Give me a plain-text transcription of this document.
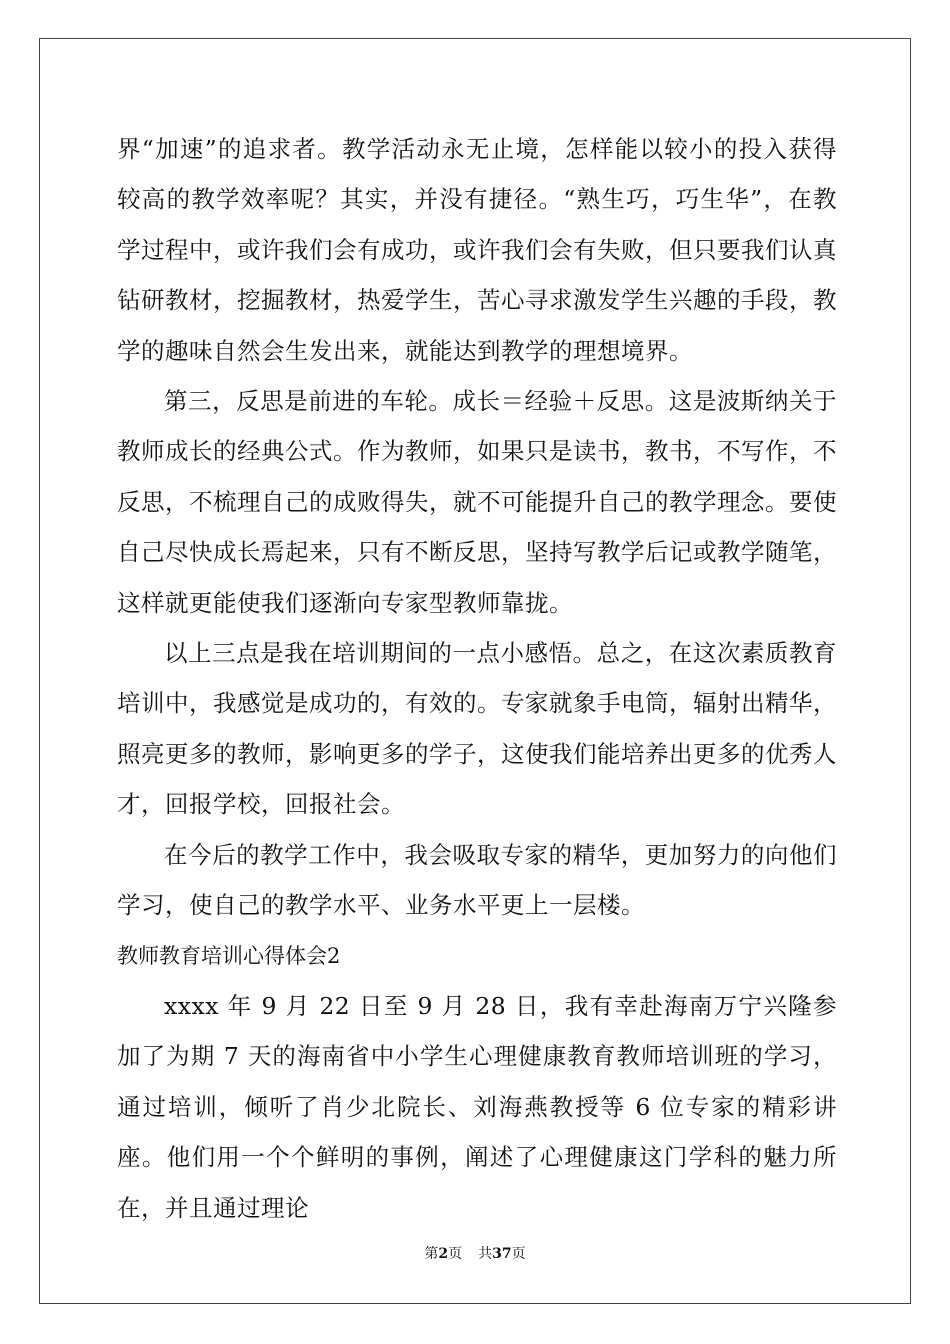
界“加速”的追求者。教学活动永无止境，怎样能以较小的投入获得较高的教学效率呢？其实，并没有捷径。“熟生巧，巧生华”，在教学过程中，或许我们会有成功，或许我们会有失败，但只要我们认真钻研教材，挖掘教材，热爱学生，苦心寻求激发学生兴趣的手段，教学的趣味自然会生发出来，就能达到教学的理想境界。

第三，反思是前进的车轮。成长＝经验＋反思。这是波斯纳关于教师成长的经典公式。作为教师，如果只是读书，教书，不写作，不反思，不梳理自己的成败得失，就不可能提升自己的教学理念。要使自己尽快成长焉起来，只有不断反思，坚持写教学后记或教学随笔，这样就更能使我们逐渐向专家型教师靠拢。

以上三点是我在培训期间的一点小感悟。总之，在这次素质教育培训中，我感觉是成功的，有效的。专家就象手电筒，辐射出精华，照亮更多的教师，影响更多的学子，这使我们能培养出更多的优秀人才，回报学校，回报社会。

在今后的教学工作中，我会吸取专家的精华，更加努力的向他们学习，使自己的教学水平、业务水平更上一层楼。

教师教育培训心得体会2

xxxx 年 9 月 22 日至 9 月 28 日，我有幸赴海南万宁兴隆参加了为期 7 天的海南省中小学生心理健康教育教师培训班的学习，通过培训，倾听了肖少北院长、刘海燕教授等 6 位专家的精彩讲座。他们用一个个鲜明的事例，阐述了心理健康这门学科的魅力所在，并且通过理论

第2页 共37页
